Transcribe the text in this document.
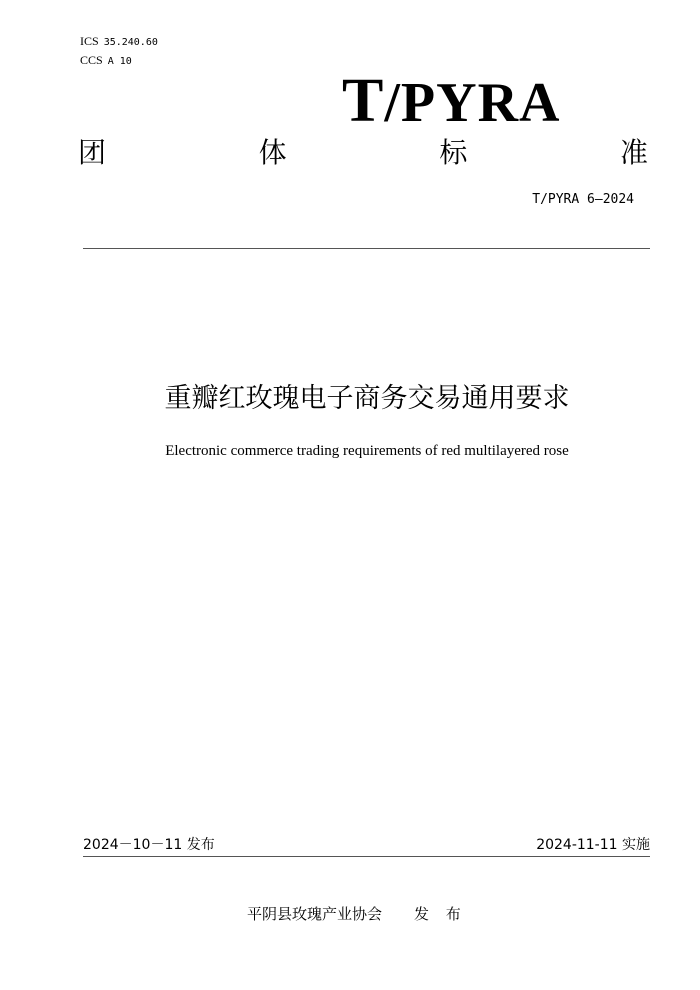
ICS 35.240.60
CCS A 10
T/PYRA
团	体	标	准
T/PYRA 6—2024
重瓣红玫瑰电子商务交易通用要求
Electronic commerce trading requirements of red multilayered rose
2024－10－11 发布	2024-11-11 实施
平阴县玫瑰产业协会 发 布
